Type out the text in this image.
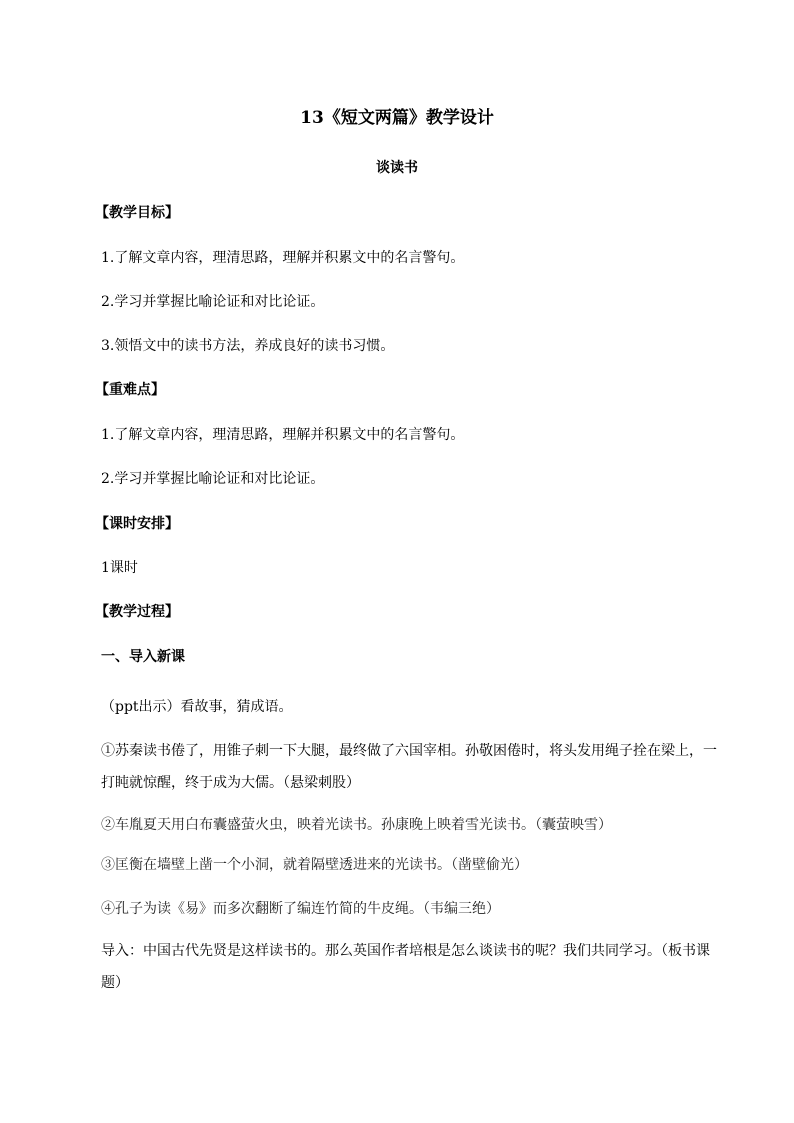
13《短文两篇》教学设计
谈读书
【教学目标】
1.了解文章内容，理清思路，理解并积累文中的名言警句。
2.学习并掌握比喻论证和对比论证。
3.领悟文中的读书方法，养成良好的读书习惯。
【重难点】
1.了解文章内容，理清思路，理解并积累文中的名言警句。
2.学习并掌握比喻论证和对比论证。
【课时安排】
1课时
【教学过程】
一、导入新课
（ppt出示）看故事，猜成语。
①苏秦读书倦了，用锥子刺一下大腿，最终做了六国宰相。孙敬困倦时，将头发用绳子拴在梁上，一打盹就惊醒，终于成为大儒。（悬梁刺股）
②车胤夏天用白布囊盛萤火虫，映着光读书。孙康晚上映着雪光读书。（囊萤映雪）
③匡衡在墙壁上凿一个小洞，就着隔壁透进来的光读书。（凿壁偷光）
④孔子为读《易》而多次翻断了编连竹简的牛皮绳。（韦编三绝）
导入：中国古代先贤是这样读书的。那么英国作者培根是怎么谈读书的呢？我们共同学习。（板书课题）
